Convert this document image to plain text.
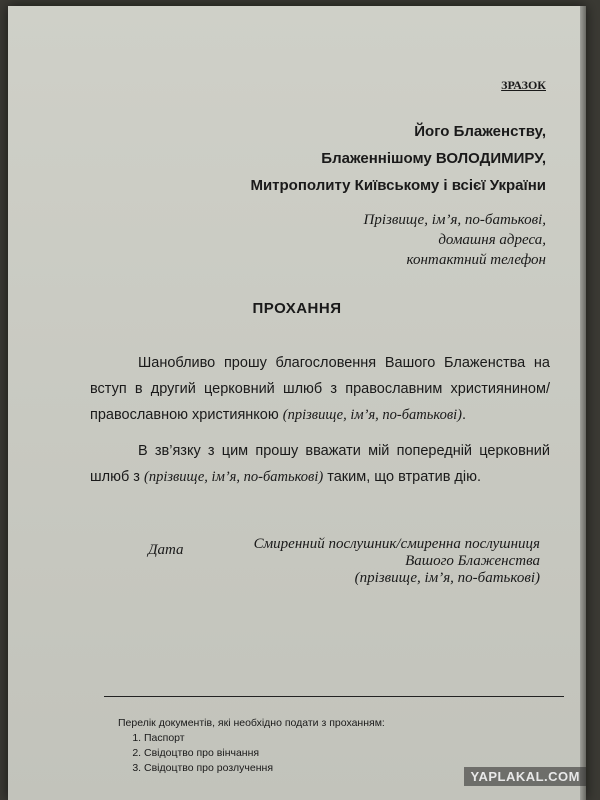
ЗРАЗОК
Його Блаженству,
Блаженнішому ВОЛОДИМИРУ,
Митрополиту Київському і всієї України
Прізвище, ім’я, по-батькові,
домашня адреса,
контактний телефон
ПРОХАННЯ

Шанобливо прошу благословення Вашого Блаженства на вступ в другий церковний шлюб з православним християнином/православною християнкою (прізвище, ім’я, по-батькові).

В зв’язку з цим прошу вважати мій попередній церковний шлюб з (прізвище, ім’я, по-батькові) таким, що втратив дію.

Дата	Смиренний послушник/смиренна послушниця
Вашого Блаженства
(прізвище, ім’я, по-батькові)
Перелік документів, які необхідно подати з проханням:
1. Паспорт
2. Свідоцтво про вінчання
3. Свідоцтво про розлучення
YAPLAKAL.COM
